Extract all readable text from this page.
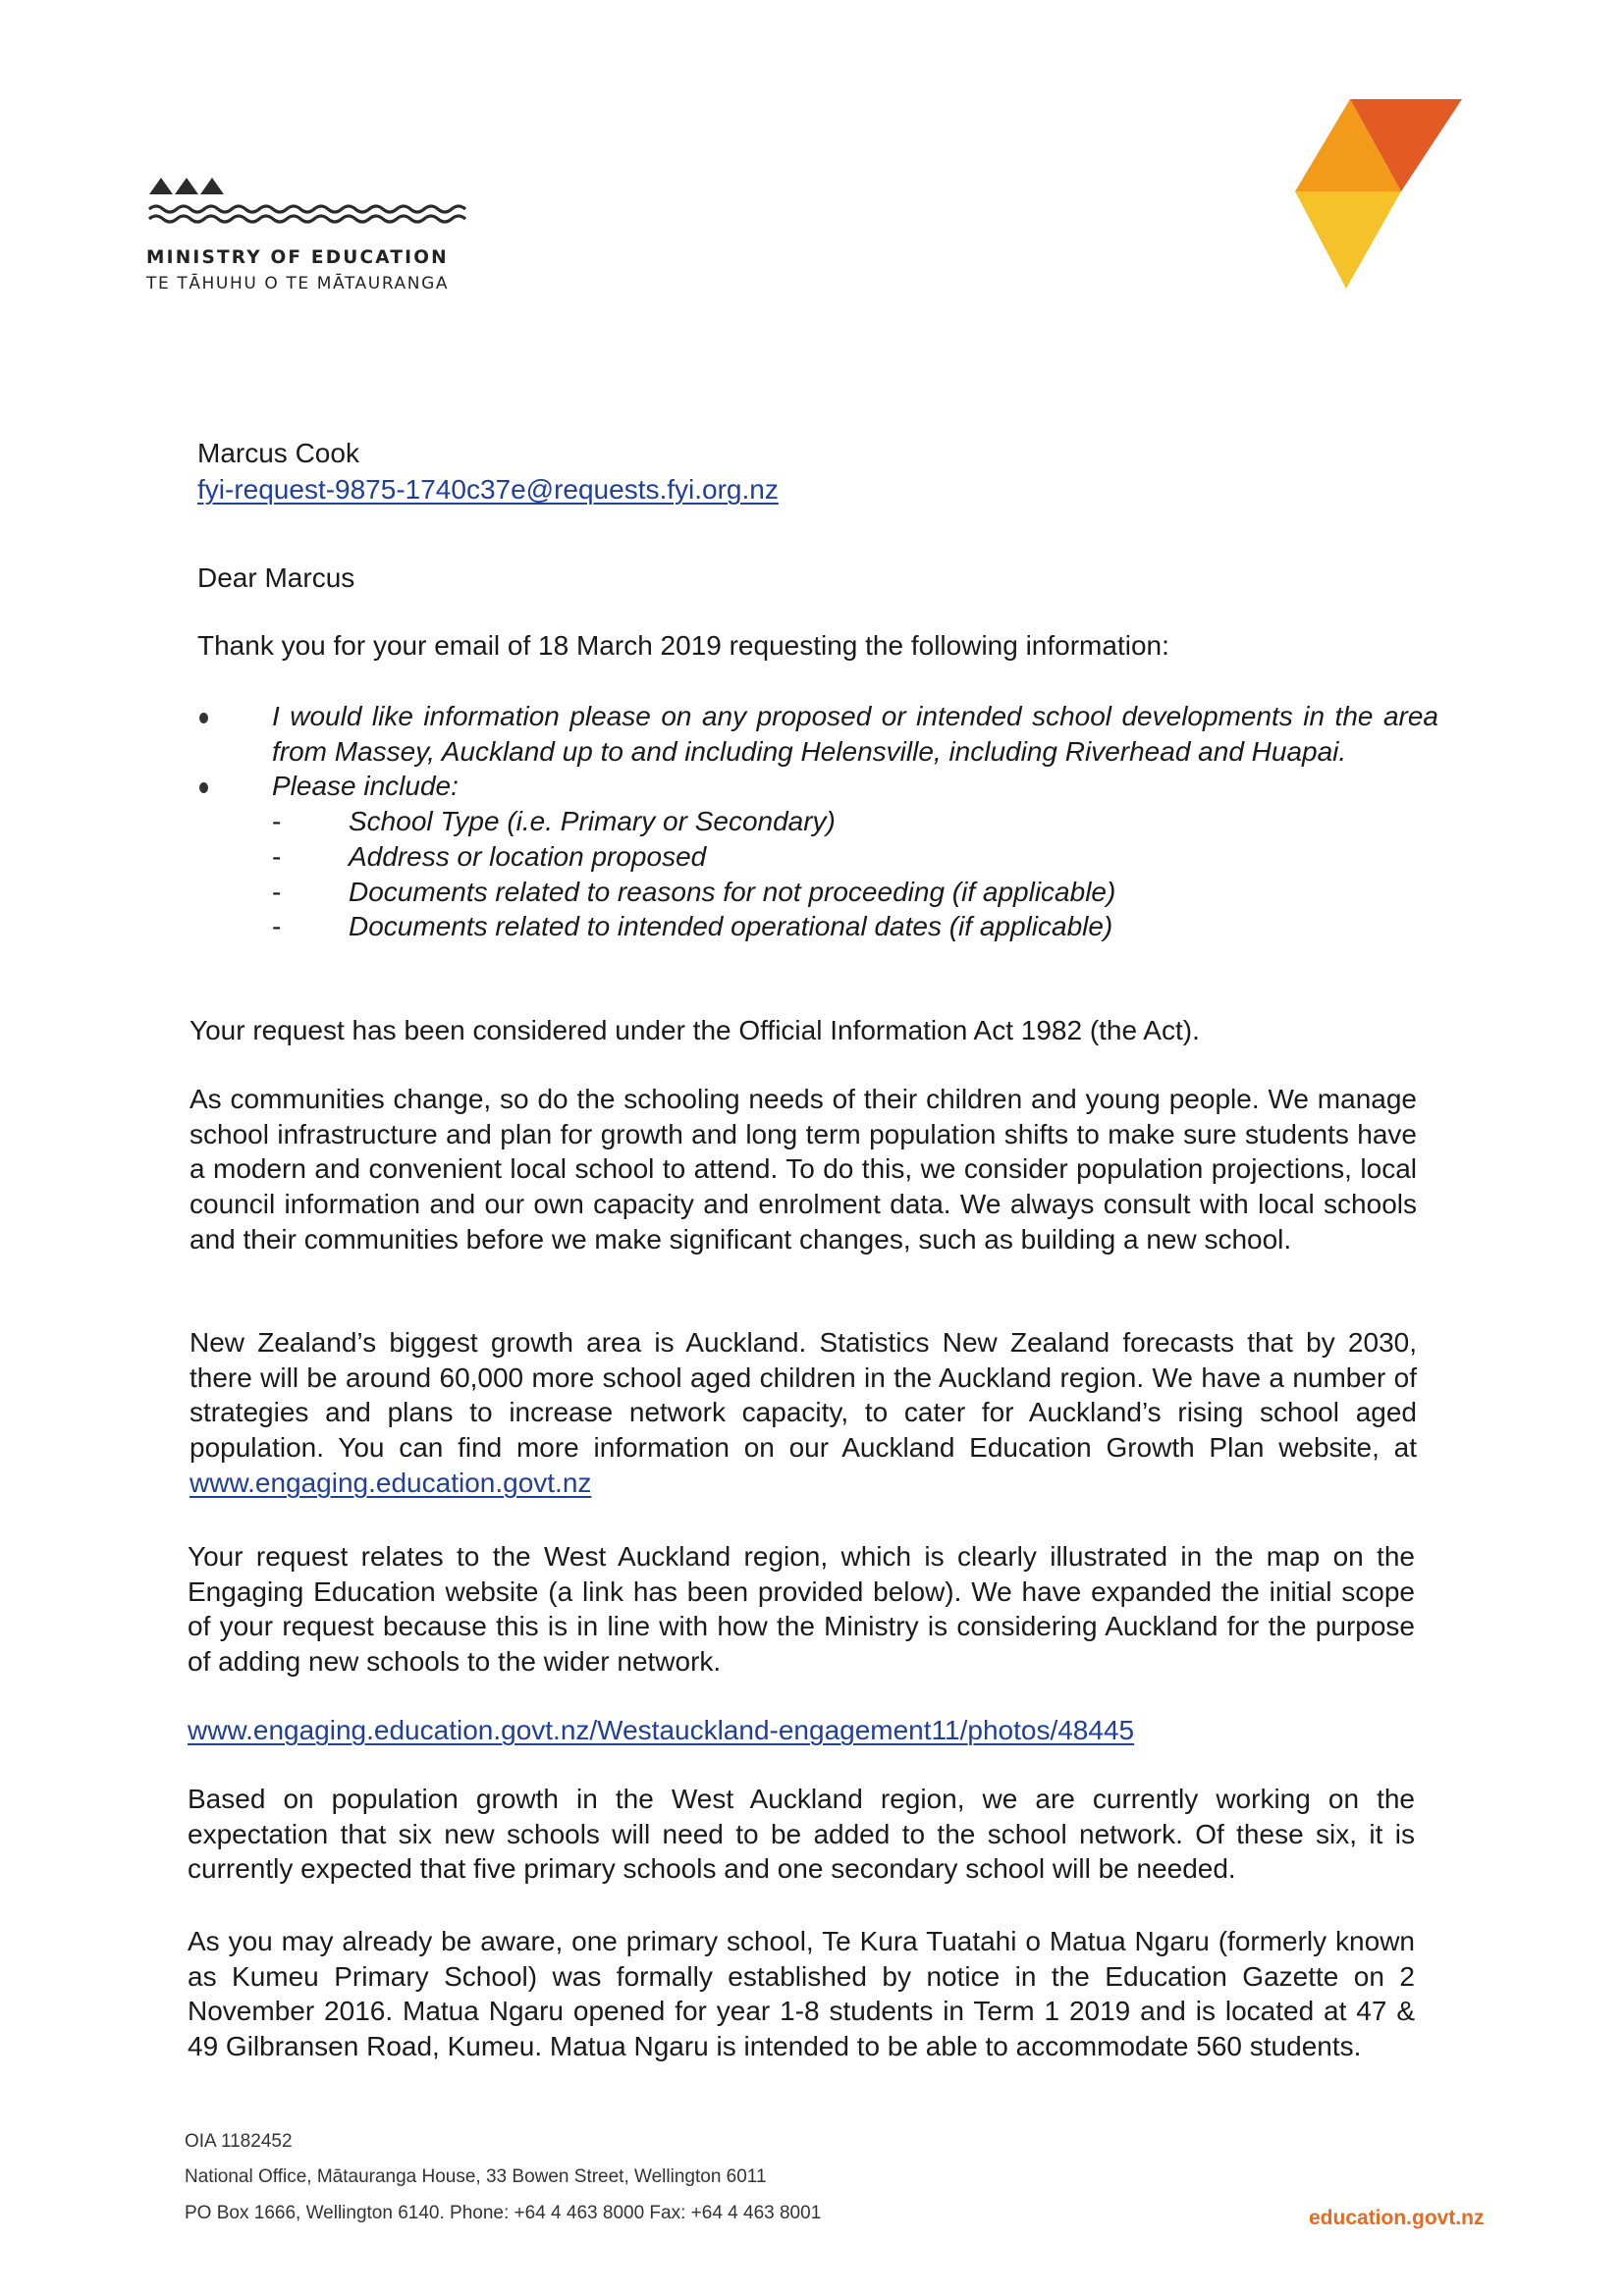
MINISTRY OF EDUCATION
TE TĀHUHU O TE MĀTAURANGA
Marcus Cook
fyi-request-9875-1740c37e@requests.fyi.org.nz
Dear Marcus
Thank you for your email of 18 March 2019 requesting the following information:
I would like information please on any proposed or intended school developments in the area from Massey, Auckland up to and including Helensville, including Riverhead and Huapai.
Please include:
- School Type (i.e. Primary or Secondary)
- Address or location proposed
- Documents related to reasons for not proceeding (if applicable)
- Documents related to intended operational dates (if applicable)
Your request has been considered under the Official Information Act 1982 (the Act).
As communities change, so do the schooling needs of their children and young people. We manage school infrastructure and plan for growth and long term population shifts to make sure students have a modern and convenient local school to attend. To do this, we consider population projections, local council information and our own capacity and enrolment data. We always consult with local schools and their communities before we make significant changes, such as building a new school.
New Zealand’s biggest growth area is Auckland. Statistics New Zealand forecasts that by 2030, there will be around 60,000 more school aged children in the Auckland region. We have a number of strategies and plans to increase network capacity, to cater for Auckland’s rising school aged population. You can find more information on our Auckland Education Growth Plan website, at www.engaging.education.govt.nz
Your request relates to the West Auckland region, which is clearly illustrated in the map on the Engaging Education website (a link has been provided below). We have expanded the initial scope of your request because this is in line with how the Ministry is considering Auckland for the purpose of adding new schools to the wider network.
www.engaging.education.govt.nz/Westauckland-engagement11/photos/48445
Based on population growth in the West Auckland region, we are currently working on the expectation that six new schools will need to be added to the school network. Of these six, it is currently expected that five primary schools and one secondary school will be needed.
As you may already be aware, one primary school, Te Kura Tuatahi o Matua Ngaru (formerly known as Kumeu Primary School) was formally established by notice in the Education Gazette on 2 November 2016. Matua Ngaru opened for year 1-8 students in Term 1 2019 and is located at 47 & 49 Gilbransen Road, Kumeu. Matua Ngaru is intended to be able to accommodate 560 students.
OIA 1182452
National Office, Mātauranga House, 33 Bowen Street, Wellington 6011
PO Box 1666, Wellington 6140. Phone: +64 4 463 8000 Fax: +64 4 463 8001	education.govt.nz
